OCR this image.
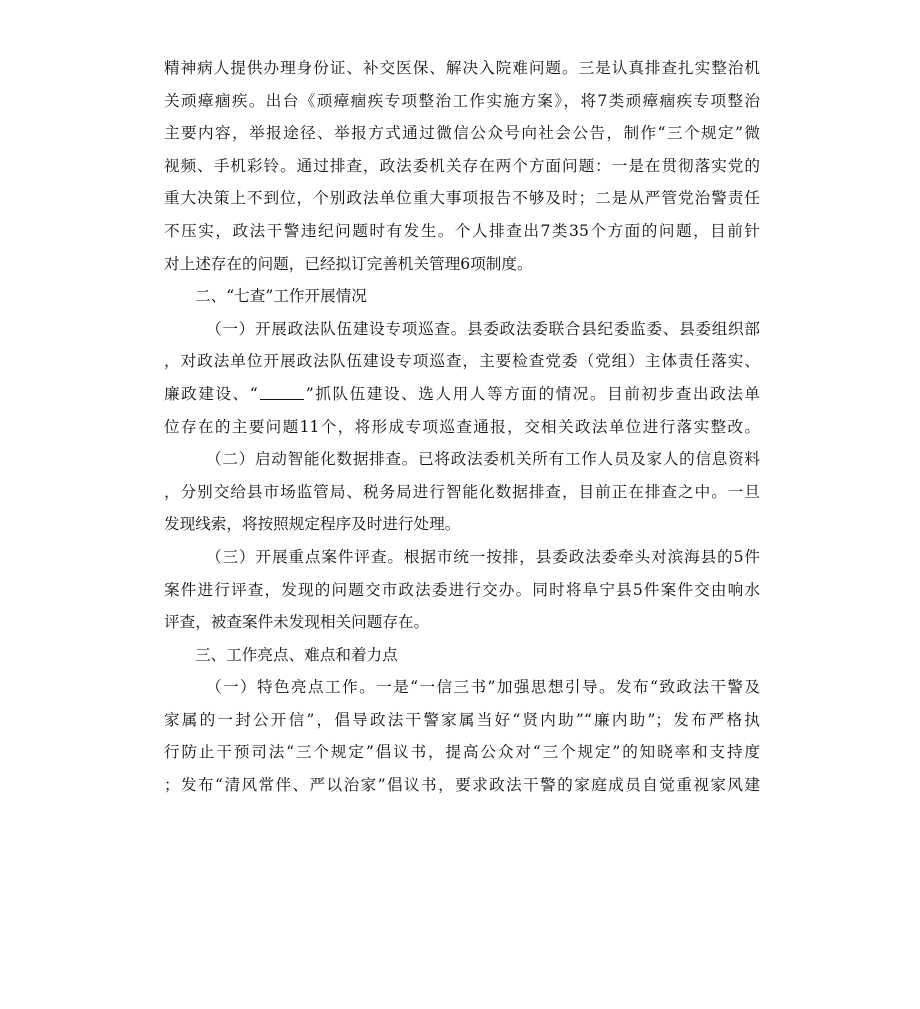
精神病人提供办理身份证、补交医保、解决入院难问题。三是认真排查扎实整治机
关顽瘴痼疾。出台《顽瘴痼疾专项整治工作实施方案》，将7类顽瘴痼疾专项整治
主要内容，举报途径、举报方式通过微信公众号向社会公告，制作“三个规定”微
视频、手机彩铃。通过排查，政法委机关存在两个方面问题：一是在贯彻落实党的
重大决策上不到位，个别政法单位重大事项报告不够及时；二是从严管党治警责任
不压实，政法干警违纪问题时有发生。个人排查出7类35个方面的问题，目前针
对上述存在的问题，已经拟订完善机关管理6项制度。
二、“七查”工作开展情况
（一）开展政法队伍建设专项巡查。县委政法委联合县纪委监委、县委组织部
，对政法单位开展政法队伍建设专项巡查，主要检查党委（党组）主体责任落实、
廉政建设、“	”抓队伍建设、选人用人等方面的情况。目前初步查出政法单
位存在的主要问题11个，将形成专项巡查通报，交相关政法单位进行落实整改。
（二）启动智能化数据排查。已将政法委机关所有工作人员及家人的信息资料
，分别交给县市场监管局、税务局进行智能化数据排查，目前正在排查之中。一旦
发现线索，将按照规定程序及时进行处理。
（三）开展重点案件评查。根据市统一按排，县委政法委牵头对滨海县的5件
案件进行评查，发现的问题交市政法委进行交办。同时将阜宁县5件案件交由响水
评查，被查案件未发现相关问题存在。
三、工作亮点、难点和着力点
（一）特色亮点工作。一是“一信三书”加强思想引导。发布“致政法干警及
家属的一封公开信”，倡导政法干警家属当好“贤内助”“廉内助”；发布严格执
行防止干预司法“三个规定”倡议书，提高公众对“三个规定”的知晓率和支持度
；发布“清风常伴、严以治家”倡议书，要求政法干警的家庭成员自觉重视家风建
